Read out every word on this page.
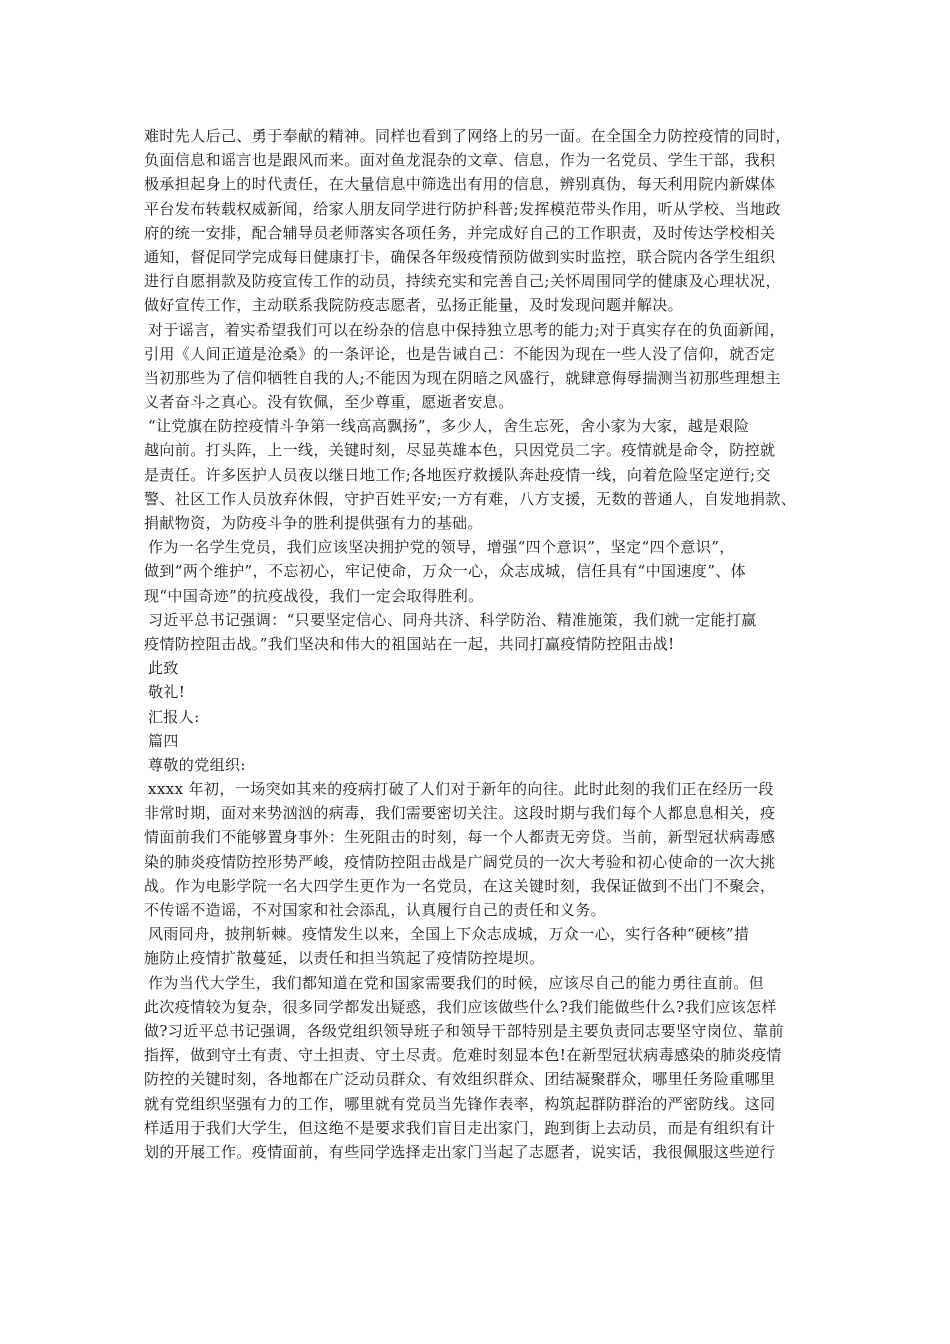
难时先人后己、勇于奉献的精神。同样也看到了网络上的另一面。在全国全力防控疫情的同时，
负面信息和谣言也是跟风而来。面对鱼龙混杂的文章、信息，作为一名党员、学生干部，我积
极承担起身上的时代责任，在大量信息中筛选出有用的信息，辨别真伪，每天利用院内新媒体
平台发布转载权威新闻，给家人朋友同学进行防护科普;发挥模范带头作用，听从学校、当地政
府的统一安排，配合辅导员老师落实各项任务，并完成好自己的工作职责，及时传达学校相关
通知，督促同学完成每日健康打卡，确保各年级疫情预防做到实时监控，联合院内各学生组织
进行自愿捐款及防疫宣传工作的动员，持续充实和完善自己;关怀周围同学的健康及心理状况，
做好宣传工作，主动联系我院防疫志愿者，弘扬正能量，及时发现问题并解决。
对于谣言，着实希望我们可以在纷杂的信息中保持独立思考的能力;对于真实存在的负面新闻，
引用《人间正道是沧桑》的一条评论，也是告诫自己：不能因为现在一些人没了信仰，就否定
当初那些为了信仰牺牲自我的人;不能因为现在阴暗之风盛行，就肆意侮辱揣测当初那些理想主
义者奋斗之真心。没有钦佩，至少尊重，愿逝者安息。
“让党旗在防控疫情斗争第一线高高飘扬”，多少人，舍生忘死，舍小家为大家，越是艰险
越向前。打头阵，上一线，关键时刻，尽显英雄本色，只因党员二字。疫情就是命令，防控就
是责任。许多医护人员夜以继日地工作;各地医疗救援队奔赴疫情一线，向着危险坚定逆行;交
警、社区工作人员放弃休假，守护百姓平安;一方有难，八方支援，无数的普通人，自发地捐款、
捐献物资，为防疫斗争的胜利提供强有力的基础。
作为一名学生党员，我们应该坚决拥护党的领导，增强“四个意识”，坚定“四个意识”，
做到“两个维护”，不忘初心，牢记使命，万众一心，众志成城，信任具有“中国速度”、体
现“中国奇迹”的抗疫战役，我们一定会取得胜利。
习近平总书记强调：“只要坚定信心、同舟共济、科学防治、精准施策，我们就一定能打赢
疫情防控阻击战。”我们坚决和伟大的祖国站在一起，共同打赢疫情防控阻击战!
此致
敬礼!
汇报人:
篇四
尊敬的党组织:
xxxx 年初，一场突如其来的疫病打破了人们对于新年的向往。此时此刻的我们正在经历一段
非常时期，面对来势汹汹的病毒，我们需要密切关注。这段时期与我们每个人都息息相关，疫
情面前我们不能够置身事外：生死阻击的时刻，每一个人都责无旁贷。当前，新型冠状病毒感
染的肺炎疫情防控形势严峻，疫情防控阻击战是广阔党员的一次大考验和初心使命的一次大挑
战。作为电影学院一名大四学生更作为一名党员，在这关键时刻，我保证做到不出门不聚会，
不传谣不造谣，不对国家和社会添乱，认真履行自己的责任和义务。
风雨同舟，披荆斩棘。疫情发生以来，全国上下众志成城，万众一心，实行各种“硬核”措
施防止疫情扩散蔓延，以责任和担当筑起了疫情防控堤坝。
作为当代大学生，我们都知道在党和国家需要我们的时候，应该尽自己的能力勇往直前。但
此次疫情较为复杂，很多同学都发出疑惑，我们应该做些什么?我们能做些什么?我们应该怎样
做?习近平总书记强调，各级党组织领导班子和领导干部特别是主要负责同志要坚守岗位、靠前
指挥，做到守土有责、守土担责、守土尽责。危难时刻显本色!在新型冠状病毒感染的肺炎疫情
防控的关键时刻，各地都在广泛动员群众、有效组织群众、团结凝聚群众，哪里任务险重哪里
就有党组织坚强有力的工作，哪里就有党员当先锋作表率，构筑起群防群治的严密防线。这同
样适用于我们大学生，但这绝不是要求我们盲目走出家门，跑到街上去动员，而是有组织有计
划的开展工作。疫情面前，有些同学选择走出家门当起了志愿者，说实话，我很佩服这些逆行
